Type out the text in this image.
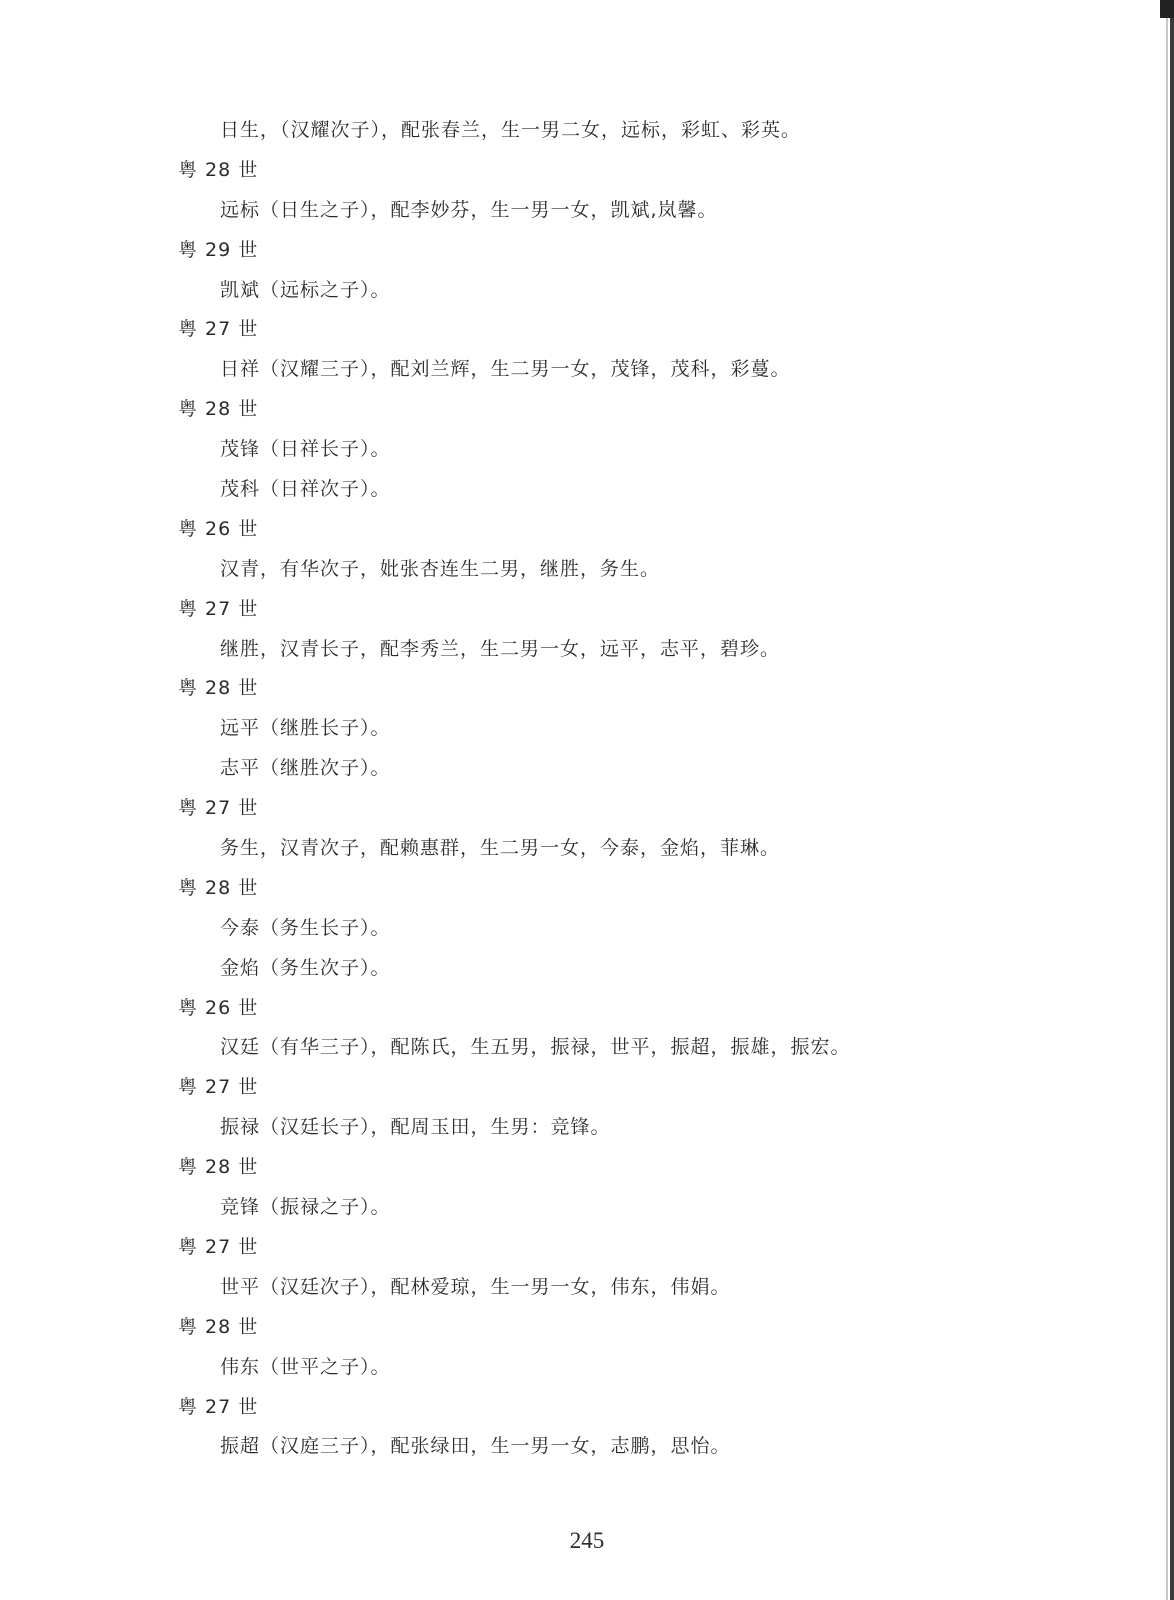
日生，（汉耀次子），配张春兰，生一男二女，远标，彩虹、彩英。
粤 28 世
远标（日生之子），配李妙芬，生一男一女，凯斌,岚馨。
粤 29 世
凯斌（远标之子）。
粤 27 世
日祥（汉耀三子），配刘兰辉，生二男一女，茂锋，茂科，彩蔓。
粤 28 世
茂锋（日祥长子）。
茂科（日祥次子）。
粤 26 世
汉青，有华次子，妣张杏连生二男，继胜，务生。
粤 27 世
继胜，汉青长子，配李秀兰，生二男一女，远平，志平，碧珍。
粤 28 世
远平（继胜长子）。
志平（继胜次子）。
粤 27 世
务生，汉青次子，配赖惠群，生二男一女，今泰，金焰，菲琳。
粤 28 世
今泰（务生长子）。
金焰（务生次子）。
粤 26 世
汉廷（有华三子），配陈氏，生五男，振禄，世平，振超，振雄，振宏。
粤 27 世
振禄（汉廷长子），配周玉田，生男：竞锋。
粤 28 世
竞锋（振禄之子）。
粤 27 世
世平（汉廷次子），配林爱琼，生一男一女，伟东，伟娟。
粤 28 世
伟东（世平之子）。
粤 27 世
振超（汉庭三子），配张绿田，生一男一女，志鹏，思怡。
245
